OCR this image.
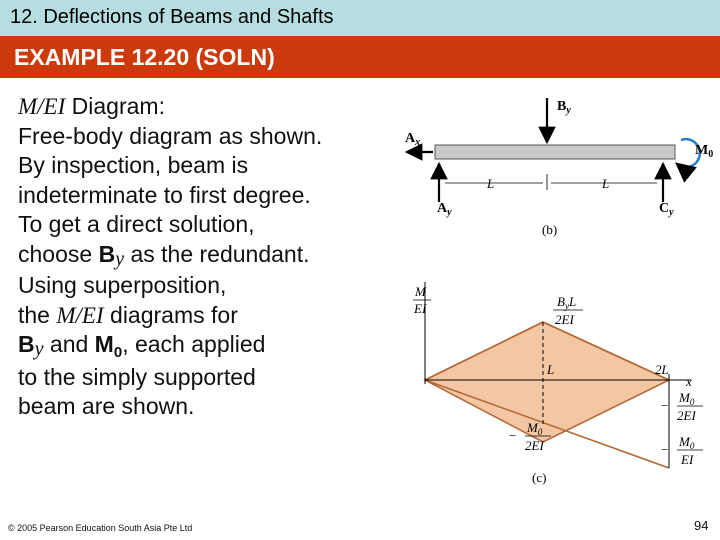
12. Deflections of Beams and Shafts
EXAMPLE 12.20 (SOLN)
M/EI Diagram:
Free-body diagram as shown.
By inspection, beam is
indeterminate to first degree.
To get a direct solution,
choose By as the redundant.
Using superposition,
the M/EI diagrams for
By and $M_0$, each applied
to the simply supported
beam are shown.
$B_y$
$A_x$
$M_0$
$A_y$	$C_y$
L	L
(b)
M
EI	$B_yL$
2EI
L	2L
x
−
$M_0$
2EI
−
$M_0$
EI
−
$M_0$
2EI
(c)
© 2005 Pearson Education South Asia Pte Ltd	94
